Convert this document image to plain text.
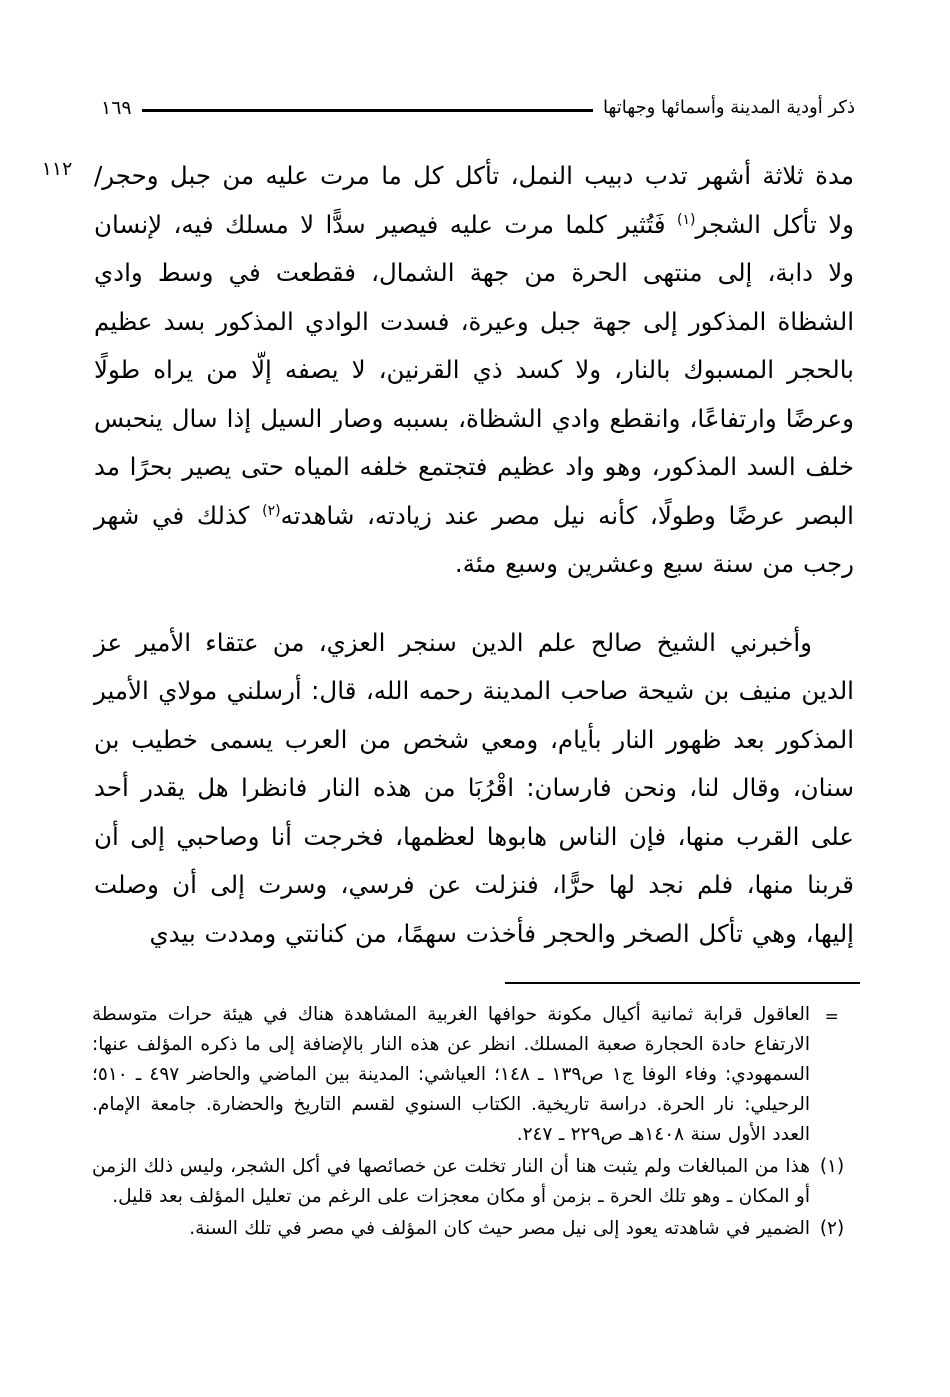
١٦٩	ذكر أودية المدينة وأسمائها وجهاتها
١١٢ مدة ثلاثة أشهر تدب دبيب النمل، تأكل كل ما مرت عليه من جبل وحجر/ ولا تأكل الشجر$^{(١)}$ فَتُثير كلما مرت عليه فيصير سدًّا لا مسلك فيه، لإنسان ولا دابة، إلى منتهى الحرة من جهة الشمال، فقطعت في وسط وادي الشظاة المذكور إلى جهة جبل وعيرة، فسدت الوادي المذكور بسد عظيم بالحجر المسبوك بالنار، ولا كسد ذي القرنين، لا يصفه إلّا من يراه طولًا وعرضًا وارتفاعًا، وانقطع وادي الشظاة، بسببه وصار السيل إذا سال ينحبس خلف السد المذكور، وهو واد عظيم فتجتمع خلفه المياه حتى يصير بحرًا مد البصر عرضًا وطولًا، كأنه نيل مصر عند زيادته، شاهدته$^{(٢)}$ كذلك في شهر رجب من سنة سبع وعشرين وسبع مئة.

وأخبرني الشيخ صالح علم الدين سنجر العزي، من عتقاء الأمير عز الدين منيف بن شيحة صاحب المدينة رحمه الله، قال: أرسلني مولاي الأمير المذكور بعد ظهور النار بأيام، ومعي شخص من العرب يسمى خطيب بن سنان، وقال لنا، ونحن فارسان: اقْرُبَا من هذه النار فانظرا هل يقدر أحد على القرب منها، فإن الناس هابوها لعظمها، فخرجت أنا وصاحبي إلى أن قربنا منها، فلم نجد لها حرًّا، فنزلت عن فرسي، وسرت إلى أن وصلت إليها، وهي تأكل الصخر والحجر فأخذت سهمًا، من كنانتي ومددت بيدي

=
العاقول قرابة ثمانية أكيال مكونة حوافها الغربية المشاهدة هناك في هيئة حرات متوسطة الارتفاع حادة الحجارة صعبة المسلك. انظر عن هذه النار بالإضافة إلى ما ذكره المؤلف عنها: السمهودي: وفاء الوفا ج١ ص١٣٩ ـ ١٤٨؛ العياشي: المدينة بين الماضي والحاضر ٤٩٧ ـ ٥١٠؛ الرحيلي: نار الحرة. دراسة تاريخية. الكتاب السنوي لقسم التاريخ والحضارة. جامعة الإمام. العدد الأول سنة ١٤٠٨هـ ص٢٢٩ ـ ٢٤٧.
(١)
هذا من المبالغات ولم يثبت هنا أن النار تخلت عن خصائصها في أكل الشجر، وليس ذلك الزمن أو المكان ـ وهو تلك الحرة ـ بزمن أو مكان معجزات على الرغم من تعليل المؤلف بعد قليل.
(٢)
الضمير في شاهدته يعود إلى نيل مصر حيث كان المؤلف في مصر في تلك السنة.
